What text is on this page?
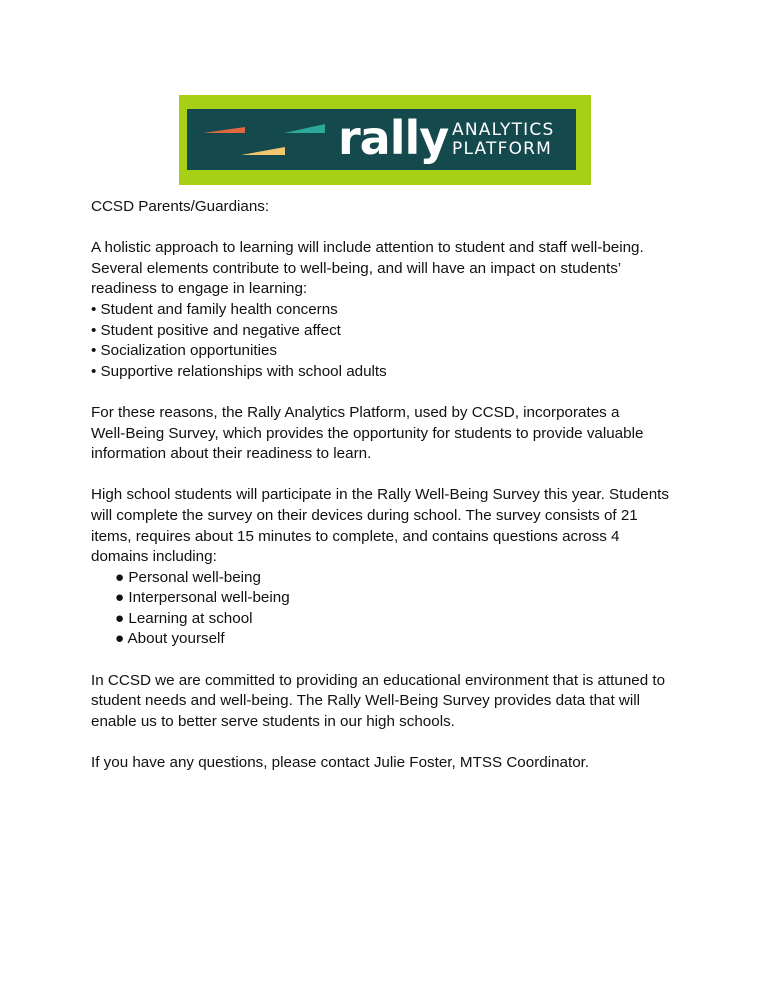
rally ANALYTICS
PLATFORM

CCSD Parents/Guardians:

A holistic approach to learning will include attention to student and staff well-being.

Several elements contribute to well-being, and will have an impact on students’

readiness to engage in learning:

• Student and family health concerns

• Student positive and negative affect

• Socialization opportunities

• Supportive relationships with school adults

For these reasons, the Rally Analytics Platform, used by CCSD, incorporates a

Well-Being Survey, which provides the opportunity for students to provide valuable

information about their readiness to learn.

High school students will participate in the Rally Well-Being Survey this year. Students

will complete the survey on their devices during school. The survey consists of 21

items, requires about 15 minutes to complete, and contains questions across 4

domains including:

● Personal well-being

● Interpersonal well-being

● Learning at school

● About yourself

In CCSD we are committed to providing an educational environment that is attuned to

student needs and well-being. The Rally Well-Being Survey provides data that will

enable us to better serve students in our high schools.

If you have any questions, please contact Julie Foster, MTSS Coordinator.
